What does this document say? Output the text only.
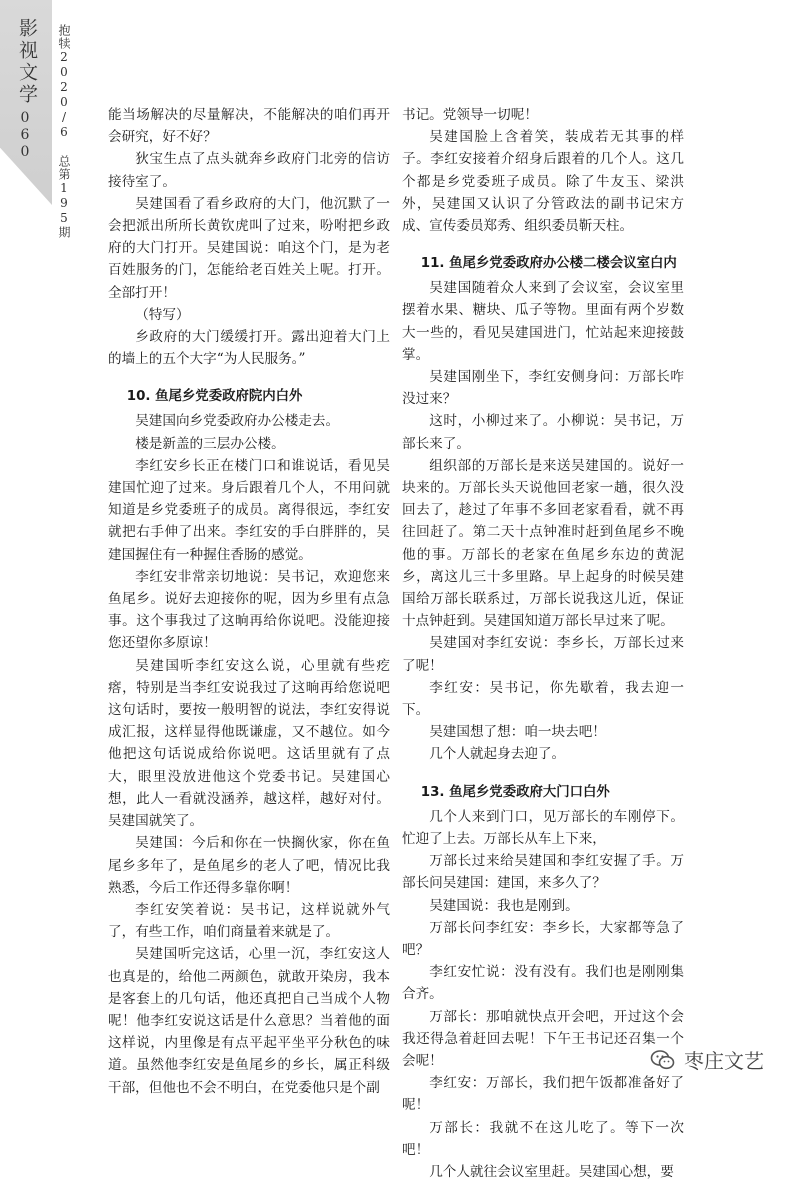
影视文学
060 抱犊2020/6 总第195期	能当场解决的尽量解决，不能解决的咱们再开会研究，好不好？

狄宝生点了点头就奔乡政府门北旁的信访接待室了。

吴建国看了看乡政府的大门，他沉默了一会把派出所所长黄钦虎叫了过来，吩咐把乡政府的大门打开。吴建国说：咱这个门，是为老百姓服务的门，怎能给老百姓关上呢。打开。全部打开！

（特写）

乡政府的大门缓缓打开。露出迎着大门上的墙上的五个大字“为人民服务。”

10. 鱼尾乡党委政府院内白外

吴建国向乡党委政府办公楼走去。

楼是新盖的三层办公楼。

李红安乡长正在楼门口和谁说话，看见吴建国忙迎了过来。身后跟着几个人，不用问就知道是乡党委班子的成员。离得很远，李红安就把右手伸了出来。李红安的手白胖胖的，吴建国握住有一种握住香肠的感觉。

李红安非常亲切地说：吴书记，欢迎您来鱼尾乡。说好去迎接你的呢，因为乡里有点急事。这个事我过了这晌再给你说吧。没能迎接您还望你多原谅！

吴建国听李红安这么说，心里就有些疙瘩，特别是当李红安说我过了这晌再给您说吧这句话时，要按一般明智的说法，李红安得说成汇报，这样显得他既谦虚，又不越位。如今他把这句话说成给你说吧。这话里就有了点大，眼里没放进他这个党委书记。吴建国心想，此人一看就没涵养，越这样，越好对付。吴建国就笑了。

吴建国：今后和你在一快搁伙家，你在鱼尾乡多年了，是鱼尾乡的老人了吧，情况比我熟悉，今后工作还得多靠你啊！

李红安笑着说：吴书记，这样说就外气了，有些工作，咱们商量着来就是了。

吴建国听完这话，心里一沉，李红安这人也真是的，给他二两颜色，就敢开染房，我本是客套上的几句话，他还真把自己当成个人物呢！他李红安说这话是什么意思？当着他的面这样说，内里像是有点平起平坐平分秋色的味道。虽然他李红安是鱼尾乡的乡长，属正科级干部，但他也不会不明白，在党委他只是个副

书记。党领导一切呢！

吴建国脸上含着笑，装成若无其事的样子。李红安接着介绍身后跟着的几个人。这几个都是乡党委班子成员。除了牛友玉、梁洪外，吴建国又认识了分管政法的副书记宋方成、宣传委员郑秀、组织委员靳天柱。

11. 鱼尾乡党委政府办公楼二楼会议室白内

吴建国随着众人来到了会议室，会议室里摆着水果、糖块、瓜子等物。里面有两个岁数大一些的，看见吴建国进门，忙站起来迎接鼓掌。

吴建国刚坐下，李红安侧身问：万部长咋没过来？

这时，小柳过来了。小柳说：吴书记，万部长来了。

组织部的万部长是来送吴建国的。说好一块来的。万部长头天说他回老家一趟，很久没回去了，趁过了年事不多回老家看看，就不再往回赶了。第二天十点钟准时赶到鱼尾乡不晚他的事。万部长的老家在鱼尾乡东边的黄泥乡，离这儿三十多里路。早上起身的时候吴建国给万部长联系过，万部长说我这儿近，保证十点钟赶到。吴建国知道万部长早过来了呢。

吴建国对李红安说：李乡长，万部长过来了呢！

李红安：吴书记，你先歇着，我去迎一下。

吴建国想了想：咱一块去吧！

几个人就起身去迎了。

13. 鱼尾乡党委政府大门口白外

几个人来到门口，见万部长的车刚停下。忙迎了上去。万部长从车上下来，

万部长过来给吴建国和李红安握了手。万部长问吴建国：建国，来多久了？

吴建国说：我也是刚到。

万部长问李红安：李乡长，大家都等急了吧？

李红安忙说：没有没有。我们也是刚刚集合齐。

万部长：那咱就快点开会吧，开过这个会我还得急着赶回去呢！下午王书记还召集一个会呢！

李红安：万部长，我们把午饭都准备好了呢！

万部长：我就不在这儿吃了。等下一次吧！

几个人就往会议室里赶。吴建国心想，要

枣庄文艺
